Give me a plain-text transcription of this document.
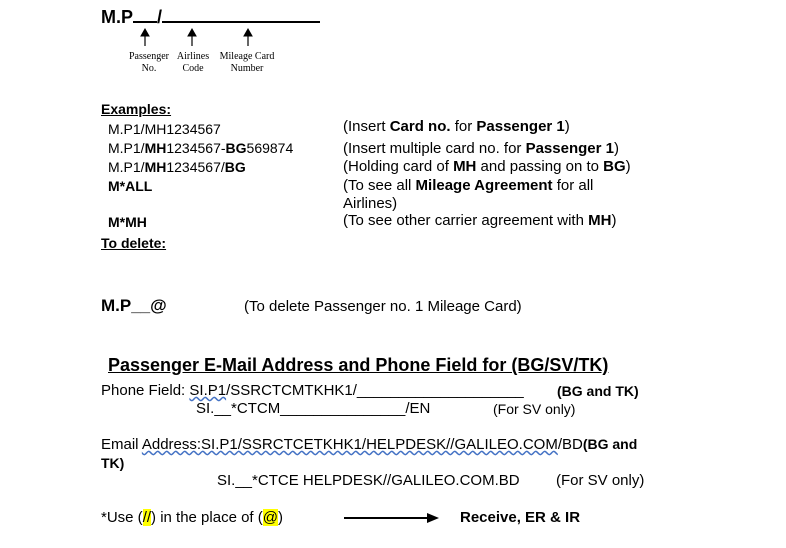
M.P /
Passenger
No.
Airlines
Code
Mileage Card
Number
Examples:
M.P1/MH1234567	(Insert Card no. for Passenger 1)
M.P1/MH1234567-BG569874	(Insert multiple card no. for Passenger 1)
M.P1/MH1234567/BG	(Holding card of MH and passing on to BG)
M*ALL	(To see all Mileage Agreement for all
Airlines)
M*MH	(To see other carrier agreement with MH)
To delete:
M.P__@	(To delete Passenger no. 1 Mileage Card)
Passenger E-Mail Address and Phone Field for (BG/SV/TK)
Phone Field: SI.P1/SSRCTCMTKHK1/____________________ (BG and TK)
SI.__*CTCM_______________/EN	(For SV only)
Email Address:SI.P1/SSRCTCETKHK1/HELPDESK//GALILEO.COM/BD(BG and
TK)
SI.__*CTCE HELPDESK//GALILEO.COM.BD (For SV only)
*Use (//) in the place of (@)	Receive, ER & IR
